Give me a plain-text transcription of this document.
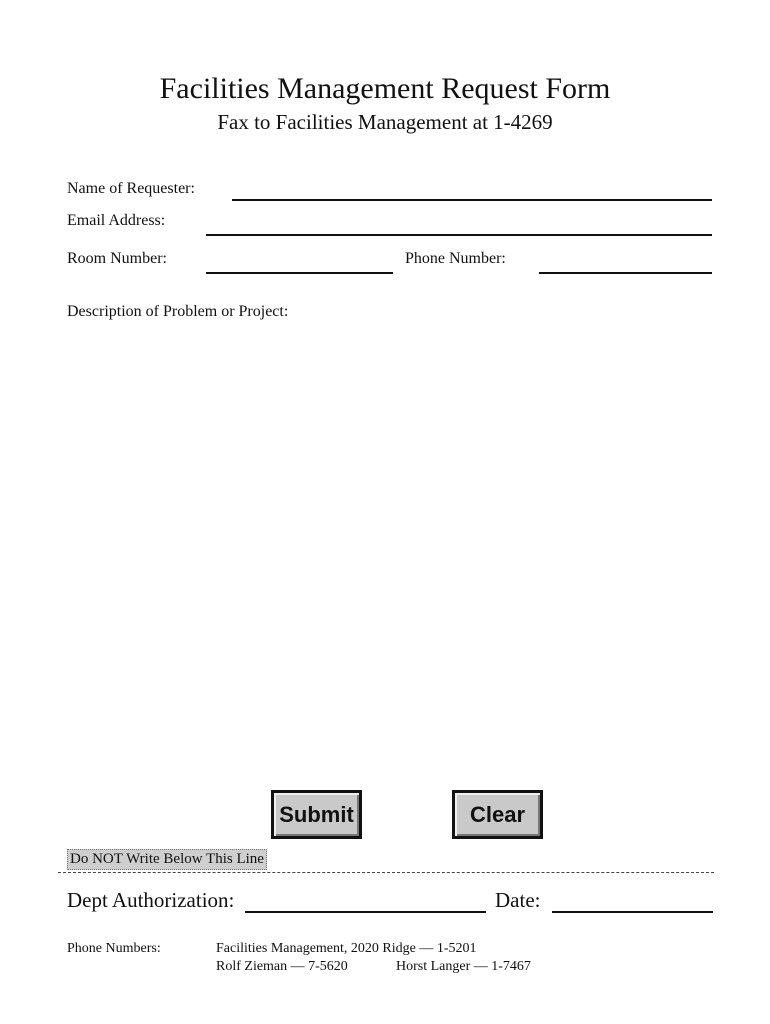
Facilities Management Request Form
Fax to Facilities Management at 1-4269
Name of Requester:
Email Address:
Room Number:	Phone Number:
Description of Problem or Project:
Submit	Clear
Do NOT Write Below This Line
Dept Authorization:	Date:
Phone Numbers:	Facilities Management, 2020 Ridge — 1-5201
Rolf Zieman — 7-5620	Horst Langer — 1-7467
